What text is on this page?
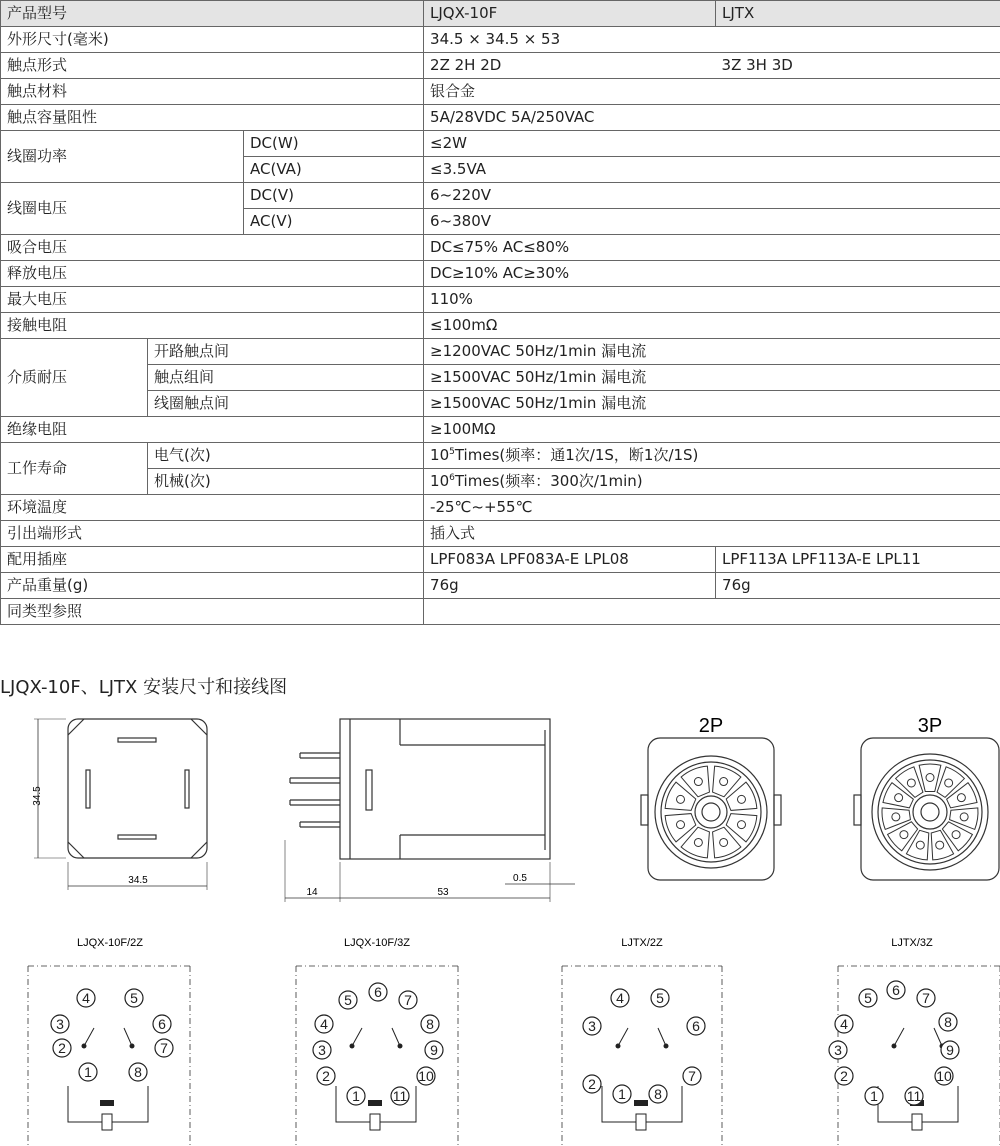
产品型号			LJQX-10F	LJTX
外形尺寸(毫米)			34.5 × 34.5 × 53	
触点形式			2Z 2H 2D	3Z 3H 3D
触点材料			银合金	
触点容量阻性			5A/28VDC 5A/250VAC	
线圈功率		DC(W)	≤2W	
		AC(VA)	≤3.5VA	
线圈电压		DC(V)	6~220V	
		AC(V)	6~380V	
吸合电压			DC≤75% AC≤80%	
释放电压			DC≥10% AC≥30%	
最大电压			110%	
接触电阻			≤100mΩ	
介质耐压	开路触点间		≥1200VAC 50Hz/1min 漏电流	
	触点组间		≥1500VAC 50Hz/1min 漏电流	
	线圈触点间		≥1500VAC 50Hz/1min 漏电流	
绝缘电阻			≥100MΩ	
工作寿命	电气(次)		$10^5Times$(频率：通1次/1S，断1次/1S)	
	机械(次)		$10^6Times$(频率：300次/1min)	
环境温度			-25℃~+55℃	
引出端形式			插入式	
配用插座			LPF083A LPF083A-E LPL08	LPF113A LPF113A-E LPL11
产品重量(g)			76g	76g
同类型参照				
LJQX-10F、LJTX 安装尺寸和接线图
34.5
34.5
14	53
0.5
2P	3P
LJQX-10F/2Z	LJQX-10F/3Z	LJTX/2Z	LJTX/3Z
4	5
3	6
2	7
1	8
6
5	7
4	8
3	9
2	10
1 11
4 5
3	6
2	7
1 8
6
5	7
4	8
3	9
2	10
1 11
